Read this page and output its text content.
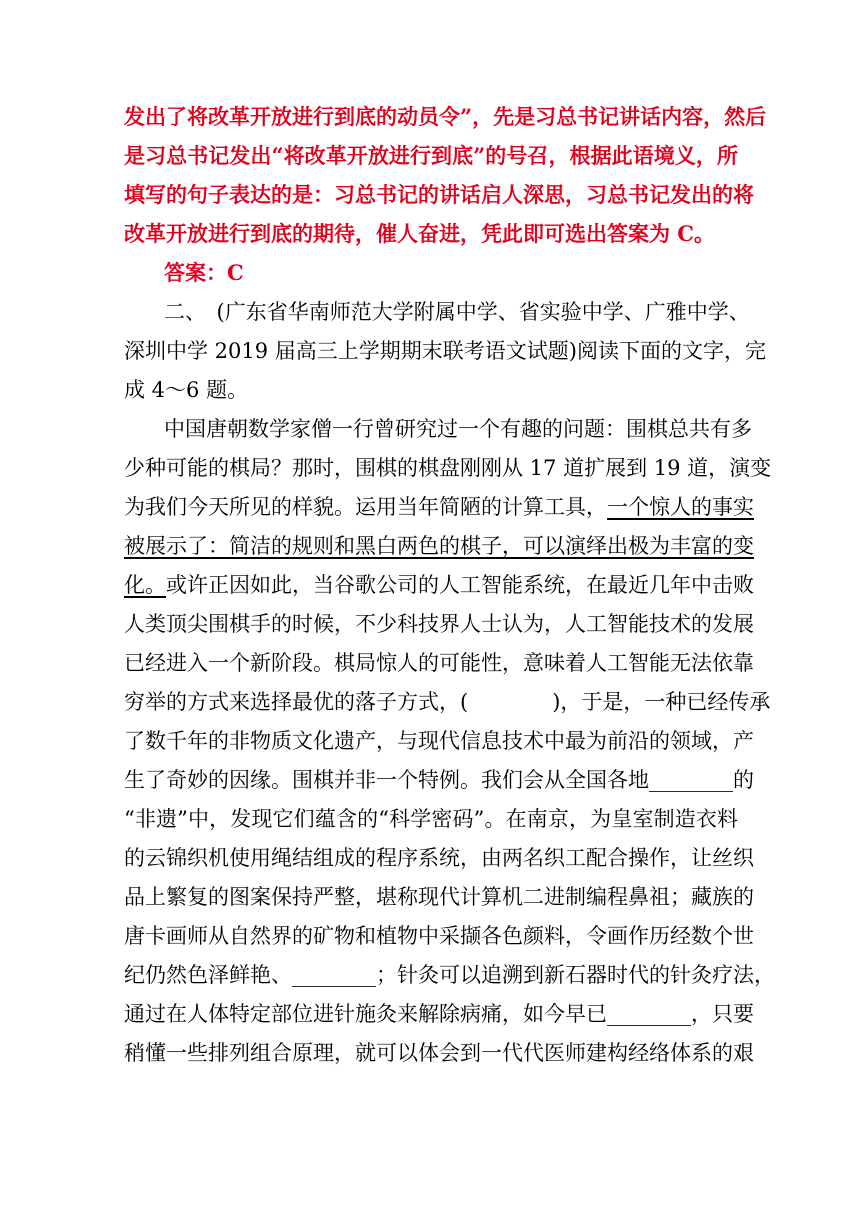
发出了将改革开放进行到底的动员令”，先是习总书记讲话内容，然后
是习总书记发出“将改革开放进行到底”的号召，根据此语境义，所
填写的句子表达的是：习总书记的讲话启人深思，习总书记发出的将
改革开放进行到底的期待，催人奋进，凭此即可选出答案为 C。
答案：C
二、　(广东省华南师范大学附属中学、省实验中学、广雅中学、
深圳中学 2019 届高三上学期期末联考语文试题)阅读下面的文字，完
成 4～6 题。
中国唐朝数学家僧一行曾研究过一个有趣的问题：围棋总共有多
少种可能的棋局？那时，围棋的棋盘刚刚从 17 道扩展到 19 道，演变
为我们今天所见的样貌。运用当年简陋的计算工具，一个惊人的事实
被展示了：简洁的规则和黑白两色的棋子，可以演绎出极为丰富的变
化。或许正因如此，当谷歌公司的人工智能系统，在最近几年中击败
人类顶尖围棋手的时候，不少科技界人士认为，人工智能技术的发展
已经进入一个新阶段。棋局惊人的可能性，意味着人工智能无法依靠
穷举的方式来选择最优的落子方式，(　　　　)，于是，一种已经传承
了数千年的非物质文化遗产，与现代信息技术中最为前沿的领域，产
生了奇妙的因缘。围棋并非一个特例。我们会从全国各地________的
“非遗”中，发现它们蕴含的“科学密码”。在南京，为皇室制造衣料
的云锦织机使用绳结组成的程序系统，由两名织工配合操作，让丝织
品上繁复的图案保持严整，堪称现代计算机二进制编程鼻祖；藏族的
唐卡画师从自然界的矿物和植物中采撷各色颜料，令画作历经数个世
纪仍然色泽鲜艳、________；针灸可以追溯到新石器时代的针灸疗法，
通过在人体特定部位进针施灸来解除病痛，如今早已________，只要
稍懂一些排列组合原理，就可以体会到一代代医师建构经络体系的艰
